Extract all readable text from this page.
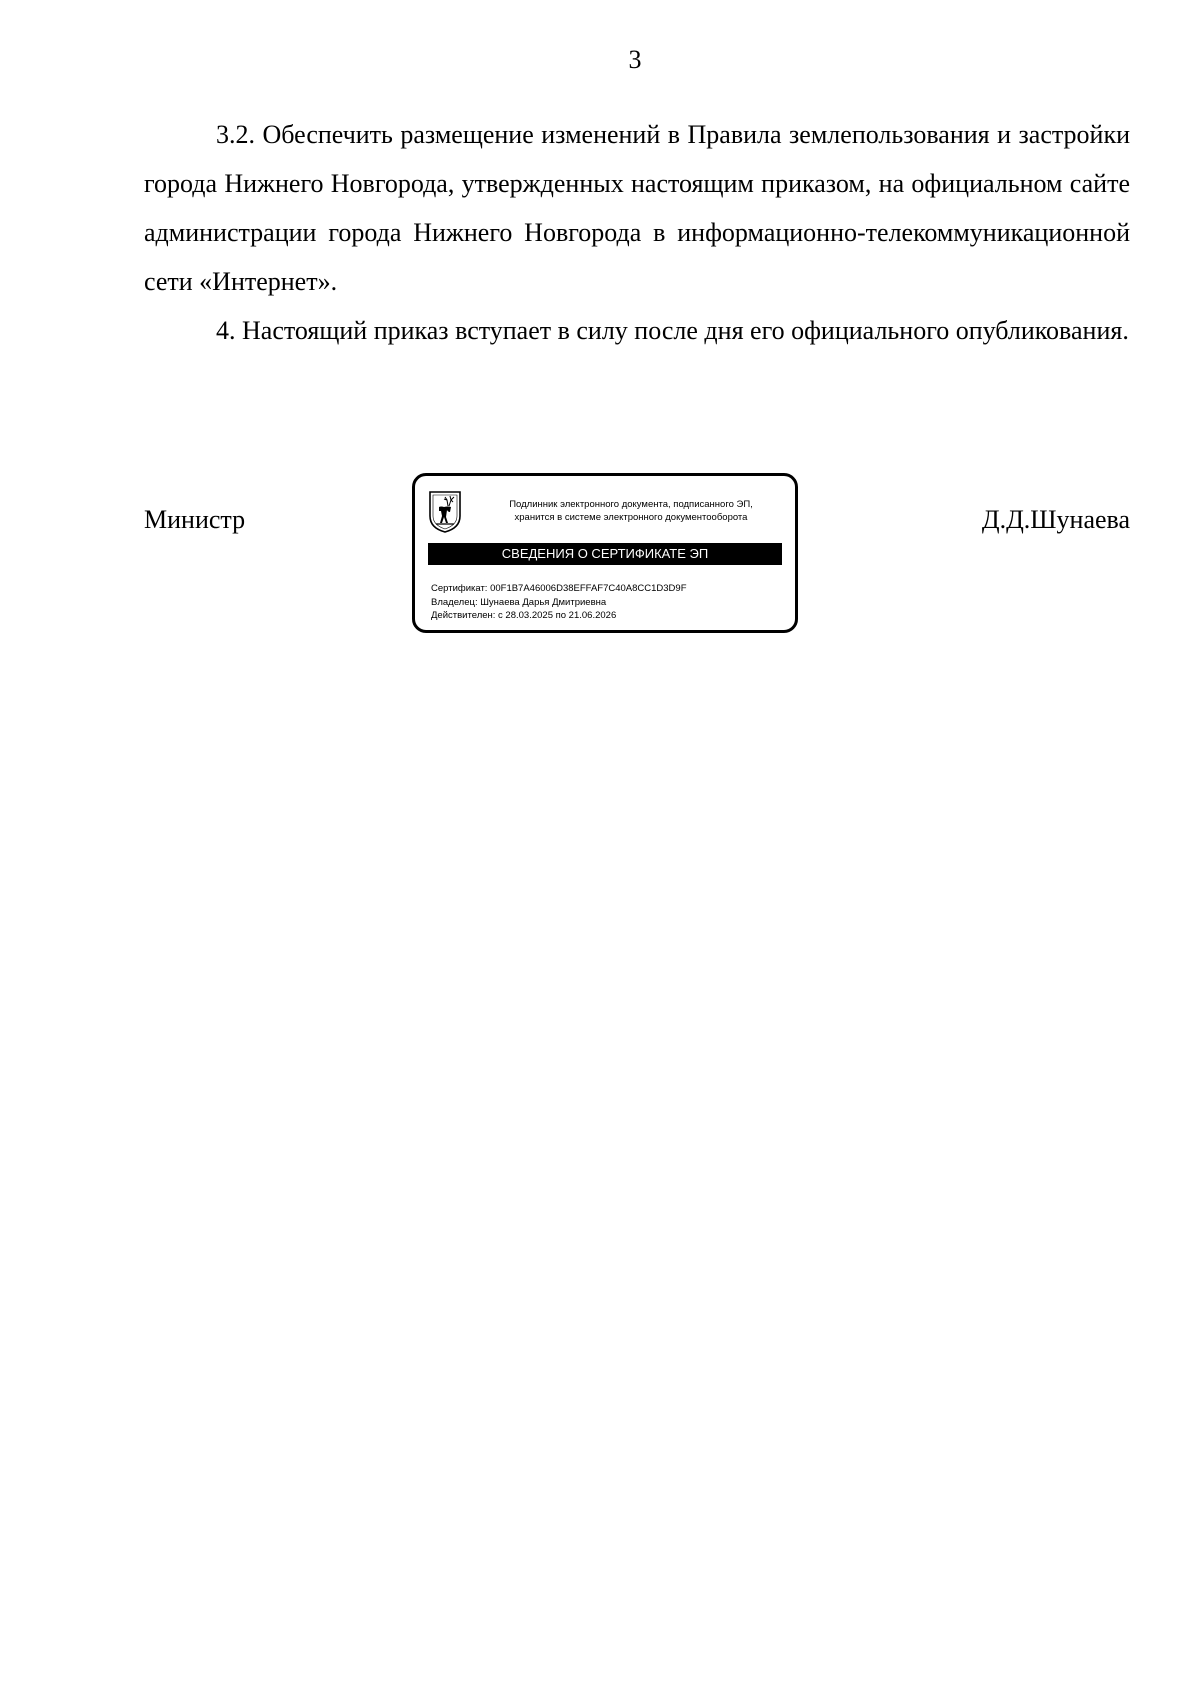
3

3.2. Обеспечить размещение изменений в Правила землепользования и застройки города Нижнего Новгорода, утвержденных настоящим приказом, на официальном сайте администрации города Нижнего Новгорода в информационно-телекоммуникационной сети «Интернет».

4. Настоящий приказ вступает в силу после дня его официального опубликования.

Министр	Д.Д.Шунаева
Подлинник электронного документа, подписанного ЭП,
хранится в системе электронного документооборота
СВЕДЕНИЯ О СЕРТИФИКАТЕ ЭП
Сертификат: 00F1B7A46006D38EFFAF7C40A8CC1D3D9F
Владелец: Шунаева Дарья Дмитриевна
Действителен: с 28.03.2025 по 21.06.2026
